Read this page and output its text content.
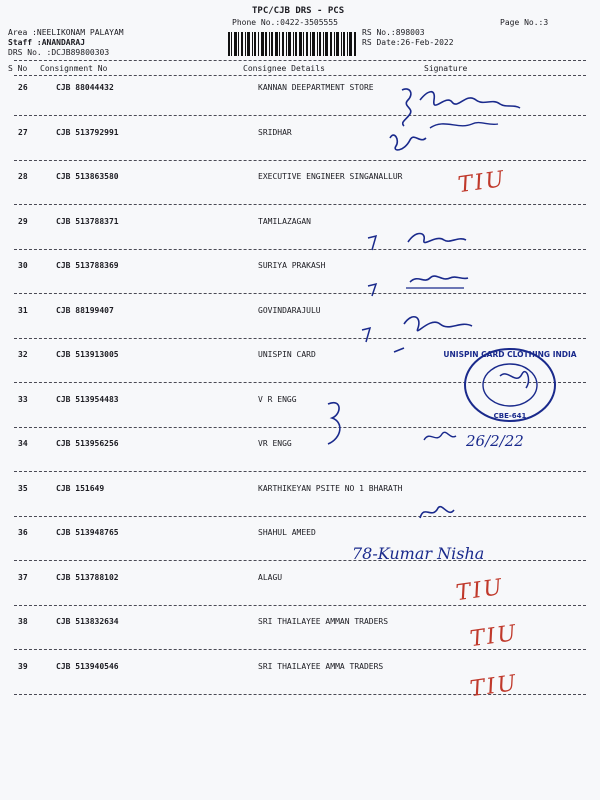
TPC/CJB DRS - PCS
Phone No.:0422-3505555	Page No.:3
Area :NEELIKONAM PALAYAM
Staff :ANANDARAJ
DRS No. :DCJB89800303
RS No.:898003
RS Date:26-Feb-2022
S No Consignment No	Consignee Details	Signature
26	CJB 88044432	KANNAN DEEPARTMENT STORE
27	CJB 513792991	SRIDHAR
28	CJB 513863580	EXECUTIVE ENGINEER SINGANALLUR
29	CJB 513788371	TAMILAZAGAN
30	CJB 513788369	SURIYA PRAKASH
31	CJB 88199407	GOVINDARAJULU
32	CJB 513913005	UNISPIN CARD
33	CJB 513954483	V R ENGG
34	CJB 513956256	VR ENGG
35	CJB 151649	KARTHIKEYAN PSITE NO 1 BHARATH
36	CJB 513948765	SHAHUL AMEED
37	CJB 513788102	ALAGU
38	CJB 513832634	SRI THAILAYEE AMMAN TRADERS
39	CJB 513940546	SRI THAILAYEE AMMA TRADERS
UNISPIN CARD CLOTHING INDIA
CBE-641
26/2/22
78-Kumar Nisha
TIU
TIU
TIU
TIU
